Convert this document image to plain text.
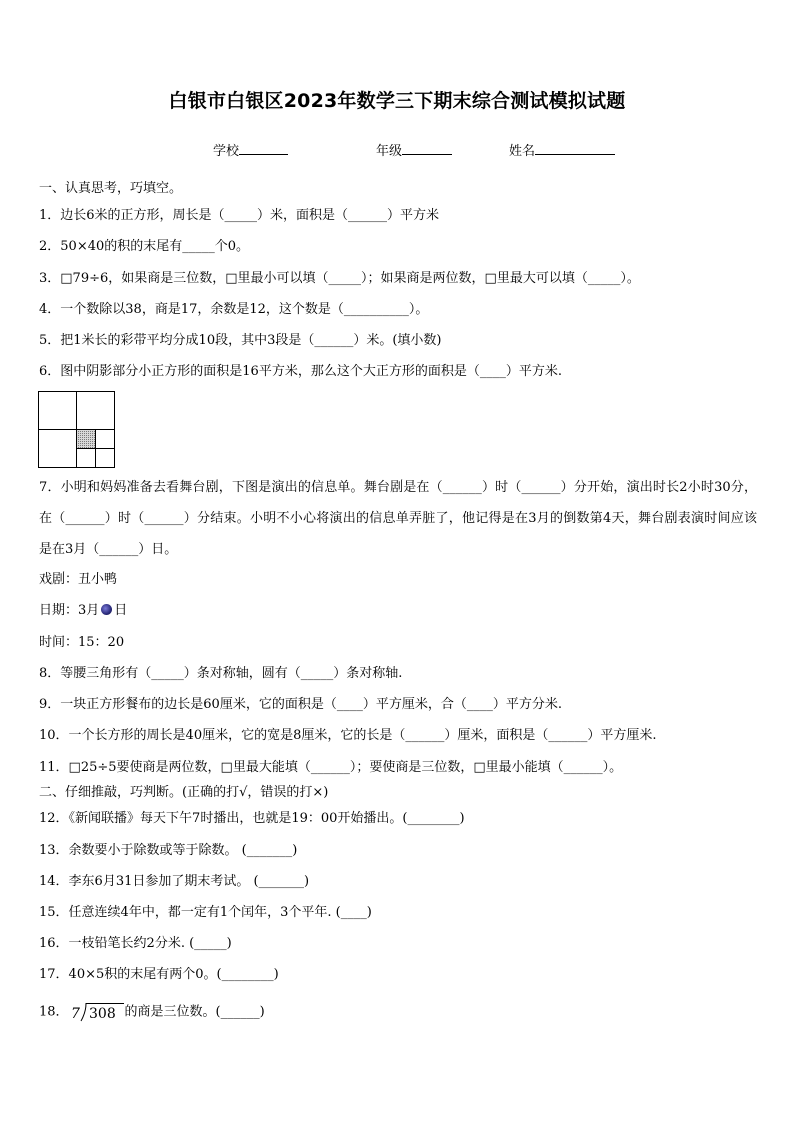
白银市白银区2023年数学三下期末综合测试模拟试题
学校	年级	姓名
一、认真思考，巧填空。
1．边长6米的正方形，周长是（_____）米，面积是（______）平方米
2．50×40的积的末尾有_____个0。
3．□79÷6，如果商是三位数，□里最小可以填（_____）；如果商是两位数，□里最大可以填（_____）。
4．一个数除以38，商是17，余数是12，这个数是（__________）。
5．把1米长的彩带平均分成10段，其中3段是（______）米。(填小数)
6．图中阴影部分小正方形的面积是16平方米，那么这个大正方形的面积是（____）平方米.
7．小明和妈妈准备去看舞台剧，下图是演出的信息单。舞台剧是在（______）时（______）分开始，演出时长2小时30分，在（______）时（______）分结束。小明不小心将演出的信息单弄脏了，他记得是在3月的倒数第4天，舞台剧表演时间应该是在3月（______）日。
戏剧：丑小鸭
日期：3月 日
时间：15：20
8．等腰三角形有（_____）条对称轴，圆有（_____）条对称轴.
9．一块正方形餐布的边长是60厘米，它的面积是（____）平方厘米，合（____）平方分米.
10．一个长方形的周长是40厘米，它的宽是8厘米，它的长是（______）厘米，面积是（______）平方厘米.
11．□25÷5要使商是两位数，□里最大能填（______）；要使商是三位数，□里最小能填（______）。
二、仔细推敲，巧判断。(正确的打√，错误的打×)
12．《新闻联播》每天下午7时播出，也就是19：00开始播出。(________)
13．余数要小于除数或等于除数。 (_______)
14．李东6月31日参加了期末考试。 (_______)
15．任意连续4年中，都一定有1个闰年，3个平年. (____)
16．一枝铅笔长约2分米. (_____)
17．40×5积的末尾有两个0。(________)
18． 7 308 的商是三位数。(______)
